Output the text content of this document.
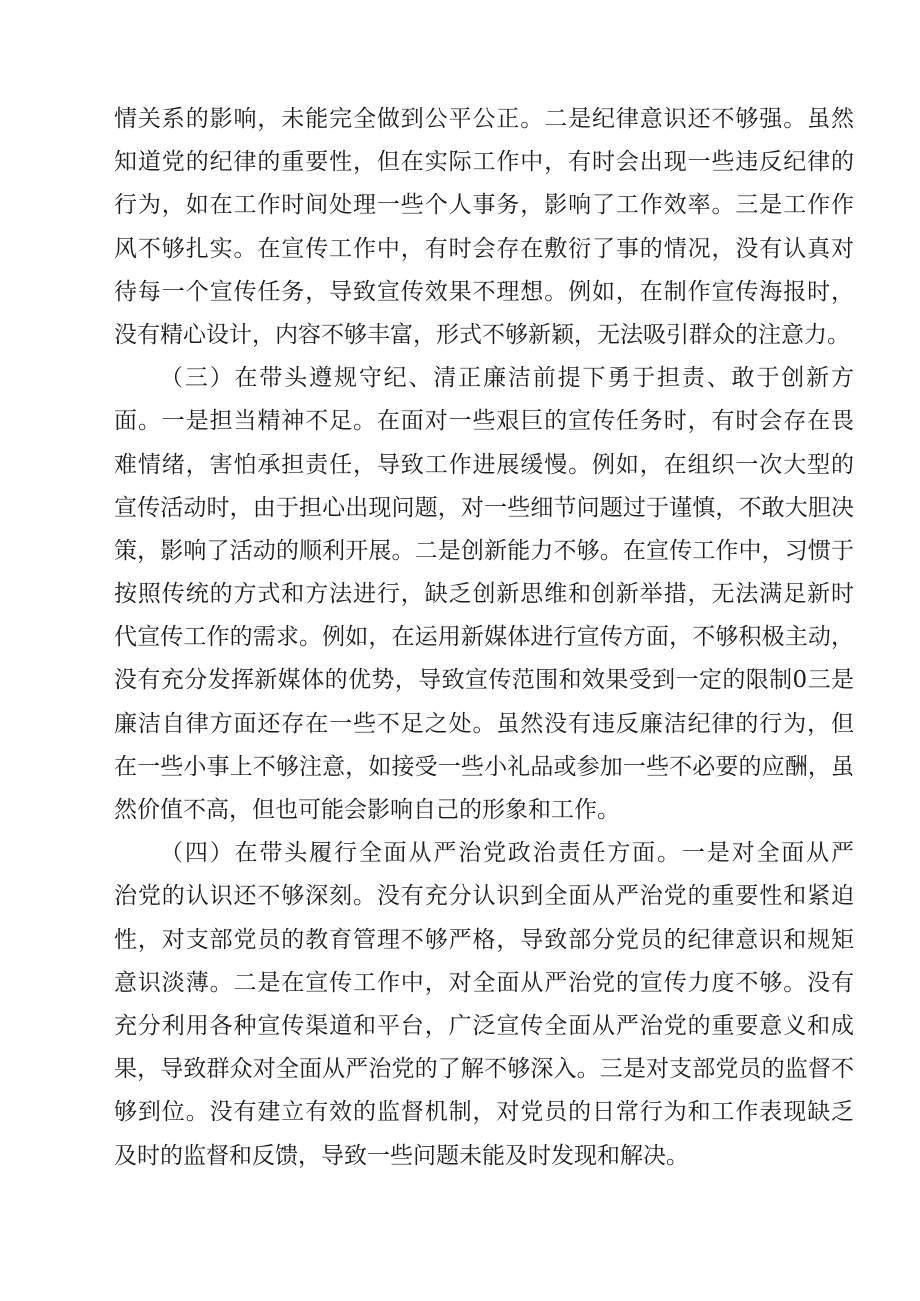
情关系的影响，未能完全做到公平公正。二是纪律意识还不够强。虽然
知道党的纪律的重要性，但在实际工作中，有时会出现一些违反纪律的
行为，如在工作时间处理一些个人事务，影响了工作效率。三是工作作
风不够扎实。在宣传工作中，有时会存在敷衍了事的情况，没有认真对
待每一个宣传任务，导致宣传效果不理想。例如，在制作宣传海报时，
没有精心设计，内容不够丰富，形式不够新颖，无法吸引群众的注意力。
（三）在带头遵规守纪、清正廉洁前提下勇于担责、敢于创新方
面。一是担当精神不足。在面对一些艰巨的宣传任务时，有时会存在畏
难情绪，害怕承担责任，导致工作进展缓慢。例如，在组织一次大型的
宣传活动时，由于担心出现问题，对一些细节问题过于谨慎，不敢大胆决
策，影响了活动的顺利开展。二是创新能力不够。在宣传工作中，习惯于
按照传统的方式和方法进行，缺乏创新思维和创新举措，无法满足新时
代宣传工作的需求。例如，在运用新媒体进行宣传方面，不够积极主动，
没有充分发挥新媒体的优势，导致宣传范围和效果受到一定的限制0三是
廉洁自律方面还存在一些不足之处。虽然没有违反廉洁纪律的行为，但
在一些小事上不够注意，如接受一些小礼品或参加一些不必要的应酬，虽
然价值不高，但也可能会影响自己的形象和工作。
（四）在带头履行全面从严治党政治责任方面。一是对全面从严
治党的认识还不够深刻。没有充分认识到全面从严治党的重要性和紧迫
性，对支部党员的教育管理不够严格，导致部分党员的纪律意识和规矩
意识淡薄。二是在宣传工作中，对全面从严治党的宣传力度不够。没有
充分利用各种宣传渠道和平台，广泛宣传全面从严治党的重要意义和成
果，导致群众对全面从严治党的了解不够深入。三是对支部党员的监督不
够到位。没有建立有效的监督机制，对党员的日常行为和工作表现缺乏
及时的监督和反馈，导致一些问题未能及时发现和解决。
